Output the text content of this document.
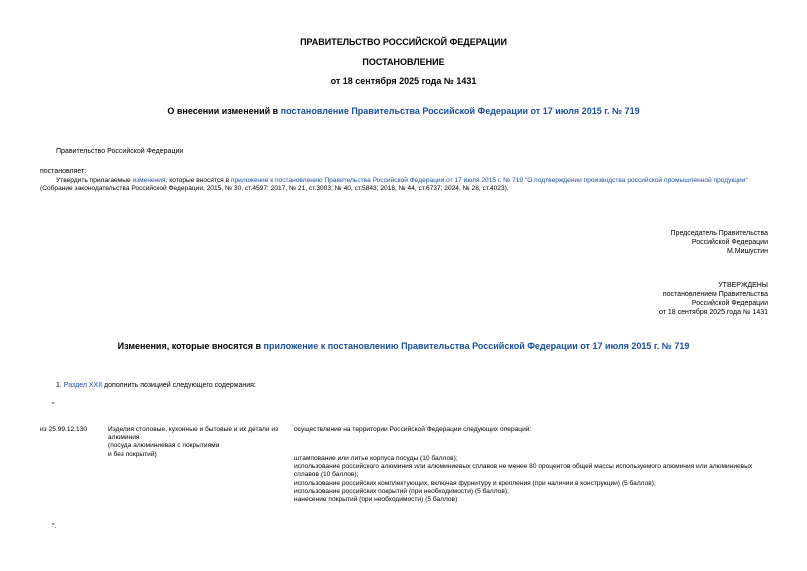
ПРАВИТЕЛЬСТВО РОССИЙСКОЙ ФЕДЕРАЦИИ
ПОСТАНОВЛЕНИЕ
от 18 сентября 2025 года № 1431
О внесении изменений в постановление Правительства Российской Федерации от 17 июля 2015 г. № 719
Правительство Российской Федерации
постановляет:
Утвердить прилагаемые изменения, которые вносятся в приложение к постановлению Правительства Российской Федерации от 17 июля 2015 г. № 719 "О подтверждении производства российской промышленной продукции" (Собрание законодательства Российской Федерации, 2015, № 30, ст.4597; 2017, № 21, ст.3003; № 40, ст.5843; 2018, № 44, ст.6737; 2024, № 28, ст.4023).
Председатель Правительства
Российской Федерации
М.Мишустин
УТВЕРЖДЕНЫ
постановлением Правительства
Российской Федерации
от 18 сентября 2025 года № 1431
Изменения, которые вносятся в приложение к постановлению Правительства Российской Федерации от 17 июля 2015 г. № 719
1. Раздел XXII дополнить позицией следующего содержания:
"
из 25.99.12.130	Изделия столовые, кухонные и бытовые и их детали из алюминия
(посуда алюминиевая с покрытиями
и без покрытий)
осуществление на территории Российской Федерации следующих операций:
штампование или литье корпуса посуды (10 баллов);
использование российского алюминия или алюминиевых сплавов не менее 80 процентов общей массы используемого алюминия или алюминиевых сплавов (10 баллов);
использование российских комплектующих, включая фурнитуру и крепления (при наличии в конструкции) (5 баллов);
использование российских покрытий (при необходимости) (5 баллов);
нанесение покрытий (при необходимости) (5 баллов)
".
